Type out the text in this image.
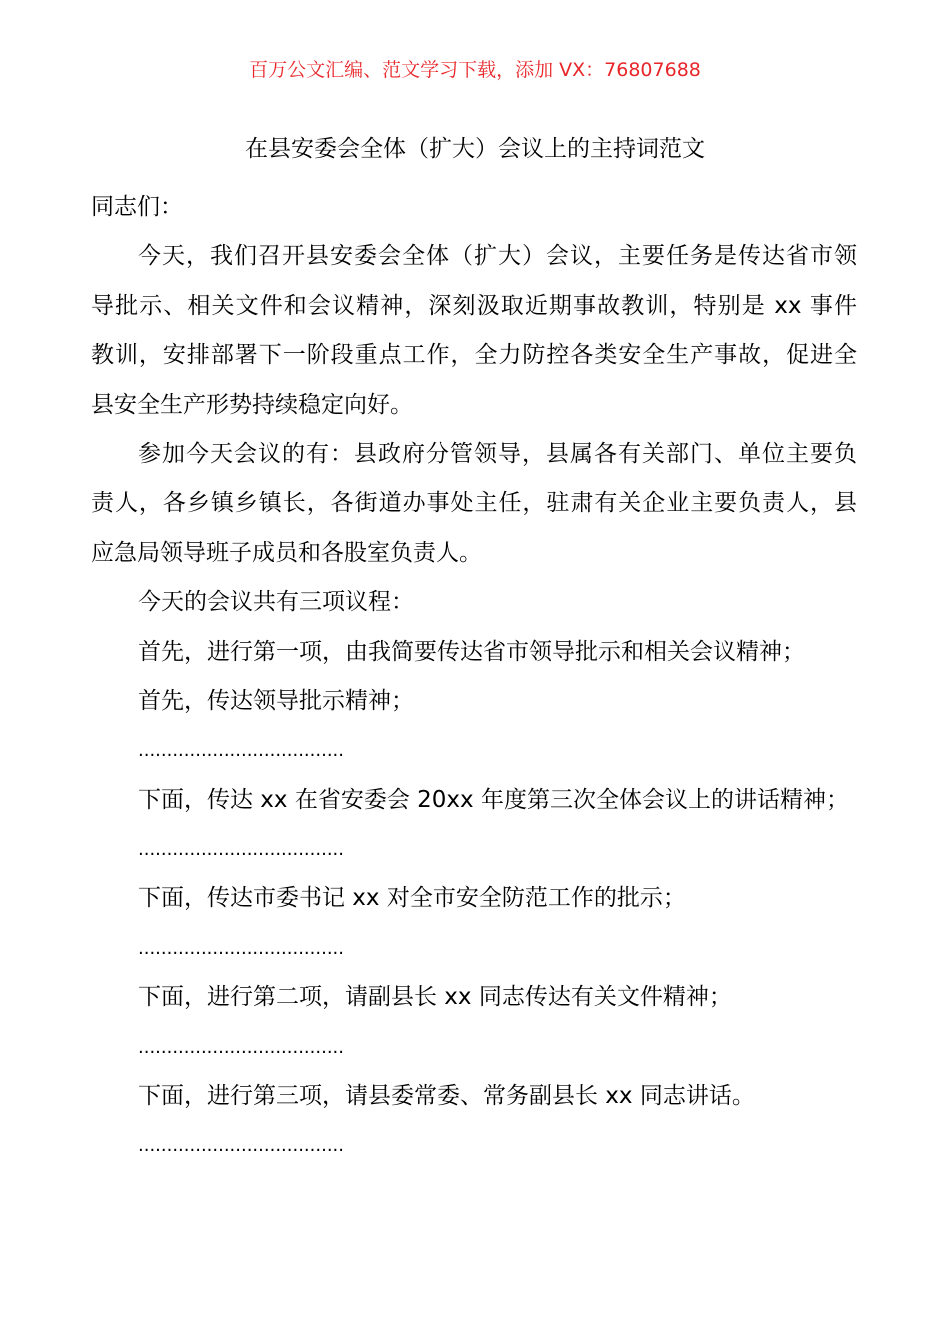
百万公文汇编、范文学习下载，添加 VX：76807688
在县安委会全体（扩大）会议上的主持词范文
同志们：
今天，我们召开县安委会全体（扩大）会议，主要任务是传达省市领
导批示、相关文件和会议精神，深刻汲取近期事故教训，特别是 xx 事件
教训，安排部署下一阶段重点工作，全力防控各类安全生产事故，促进全
县安全生产形势持续稳定向好。
参加今天会议的有：县政府分管领导，县属各有关部门、单位主要负
责人，各乡镇乡镇长，各街道办事处主任，驻肃有关企业主要负责人，县
应急局领导班子成员和各股室负责人。
今天的会议共有三项议程：
首先，进行第一项，由我简要传达省市领导批示和相关会议精神；
首先，传达领导批示精神；
....................................
下面，传达 xx 在省安委会 20xx 年度第三次全体会议上的讲话精神；
....................................
下面，传达市委书记 xx 对全市安全防范工作的批示；
....................................
下面，进行第二项，请副县长 xx 同志传达有关文件精神；
....................................
下面，进行第三项，请县委常委、常务副县长 xx 同志讲话。
....................................
